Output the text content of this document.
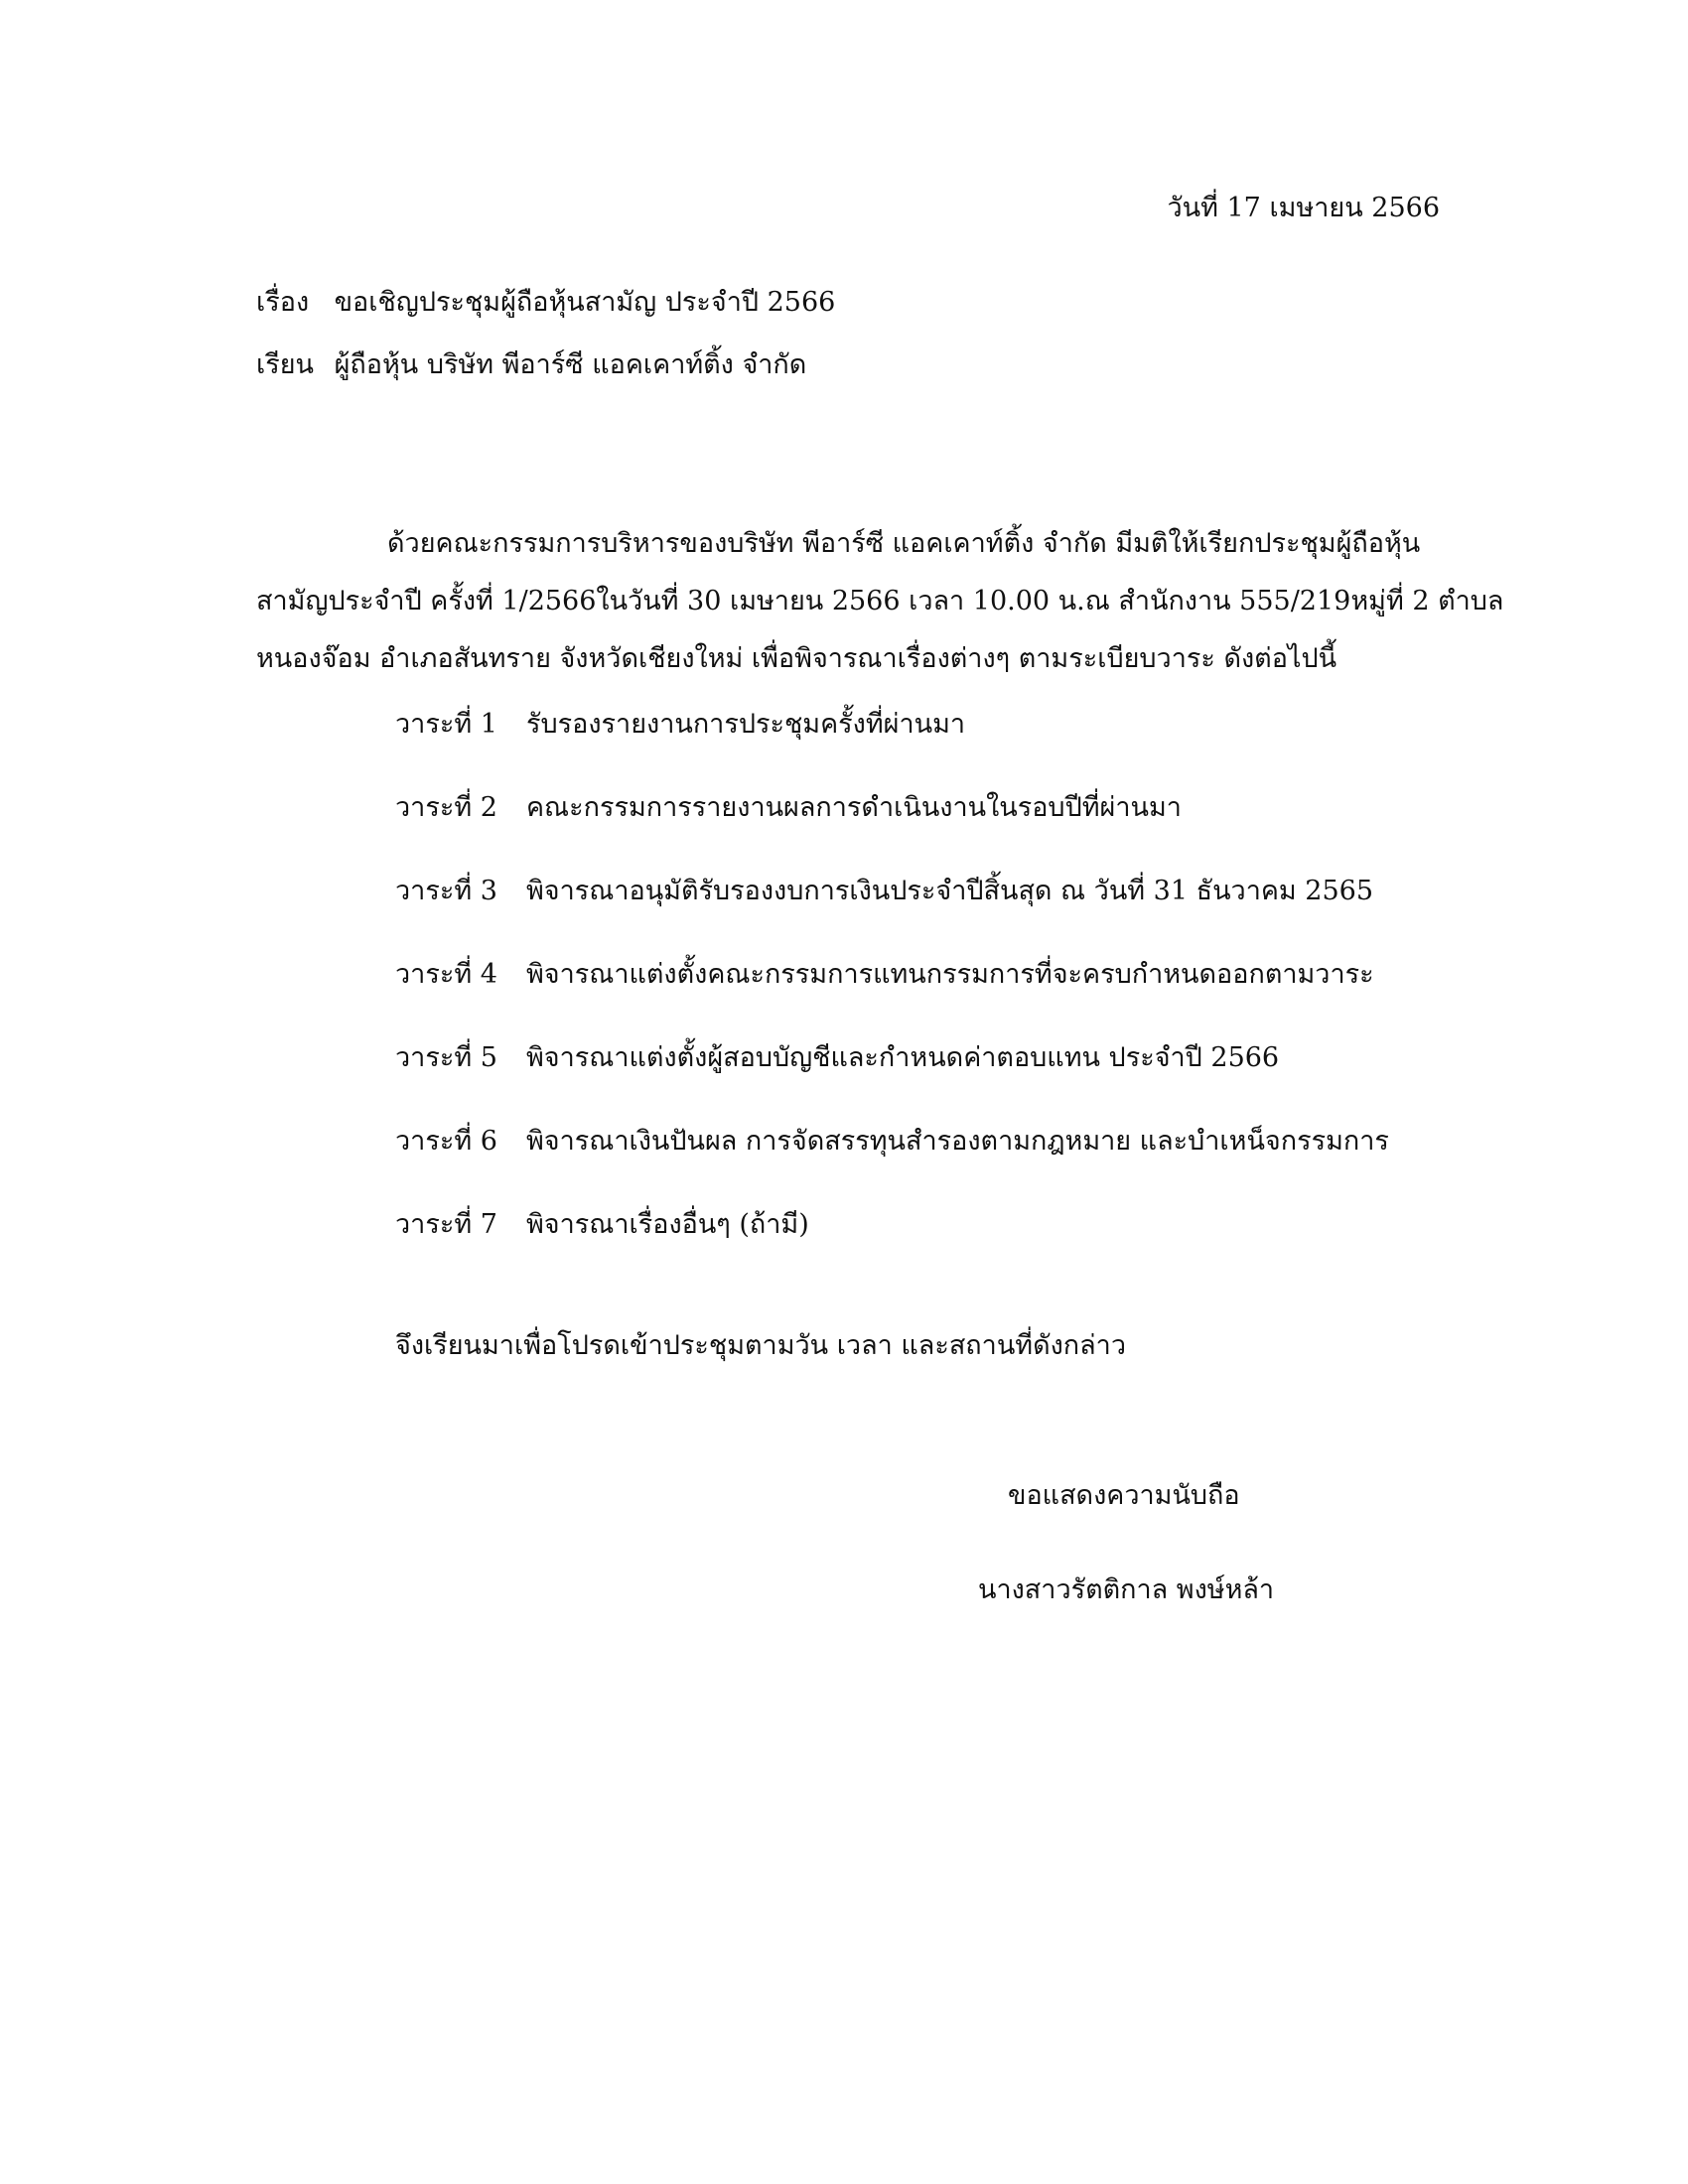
วันที่ 17 เมษายน 2566
เรื่อง ขอเชิญประชุมผู้ถือหุ้นสามัญ ประจำปี 2566
เรียน ผู้ถือหุ้น บริษัท พีอาร์ซี แอคเคาท์ติ้ง จำกัด
ด้วยคณะกรรมการบริหารของบริษัท พีอาร์ซี แอคเคาท์ติ้ง จำกัด มีมติให้เรียกประชุมผู้ถือหุ้น
สามัญประจำปี ครั้งที่ 1/2566ในวันที่ 30 เมษายน 2566 เวลา 10.00 น.ณ สำนักงาน 555/219หมู่ที่ 2 ตำบล
หนองจ๊อม อำเภอสันทราย จังหวัดเชียงใหม่ เพื่อพิจารณาเรื่องต่างๆ ตามระเบียบวาระ ดังต่อไปนี้
วาระที่ 1	รับรองรายงานการประชุมครั้งที่ผ่านมา
วาระที่ 2	คณะกรรมการรายงานผลการดำเนินงานในรอบปีที่ผ่านมา
วาระที่ 3	พิจารณาอนุมัติรับรองงบการเงินประจำปีสิ้นสุด ณ วันที่ 31 ธันวาคม 2565
วาระที่ 4	พิจารณาแต่งตั้งคณะกรรมการแทนกรรมการที่จะครบกำหนดออกตามวาระ
วาระที่ 5	พิจารณาแต่งตั้งผู้สอบบัญชีและกำหนดค่าตอบแทน ประจำปี 2566
วาระที่ 6	พิจารณาเงินปันผล การจัดสรรทุนสำรองตามกฎหมาย และบำเหน็จกรรมการ
วาระที่ 7	พิจารณาเรื่องอื่นๆ (ถ้ามี)
จึงเรียนมาเพื่อโปรดเข้าประชุมตามวัน เวลา และสถานที่ดังกล่าว
ขอแสดงความนับถือ
นางสาวรัตติกาล พงษ์หล้า
